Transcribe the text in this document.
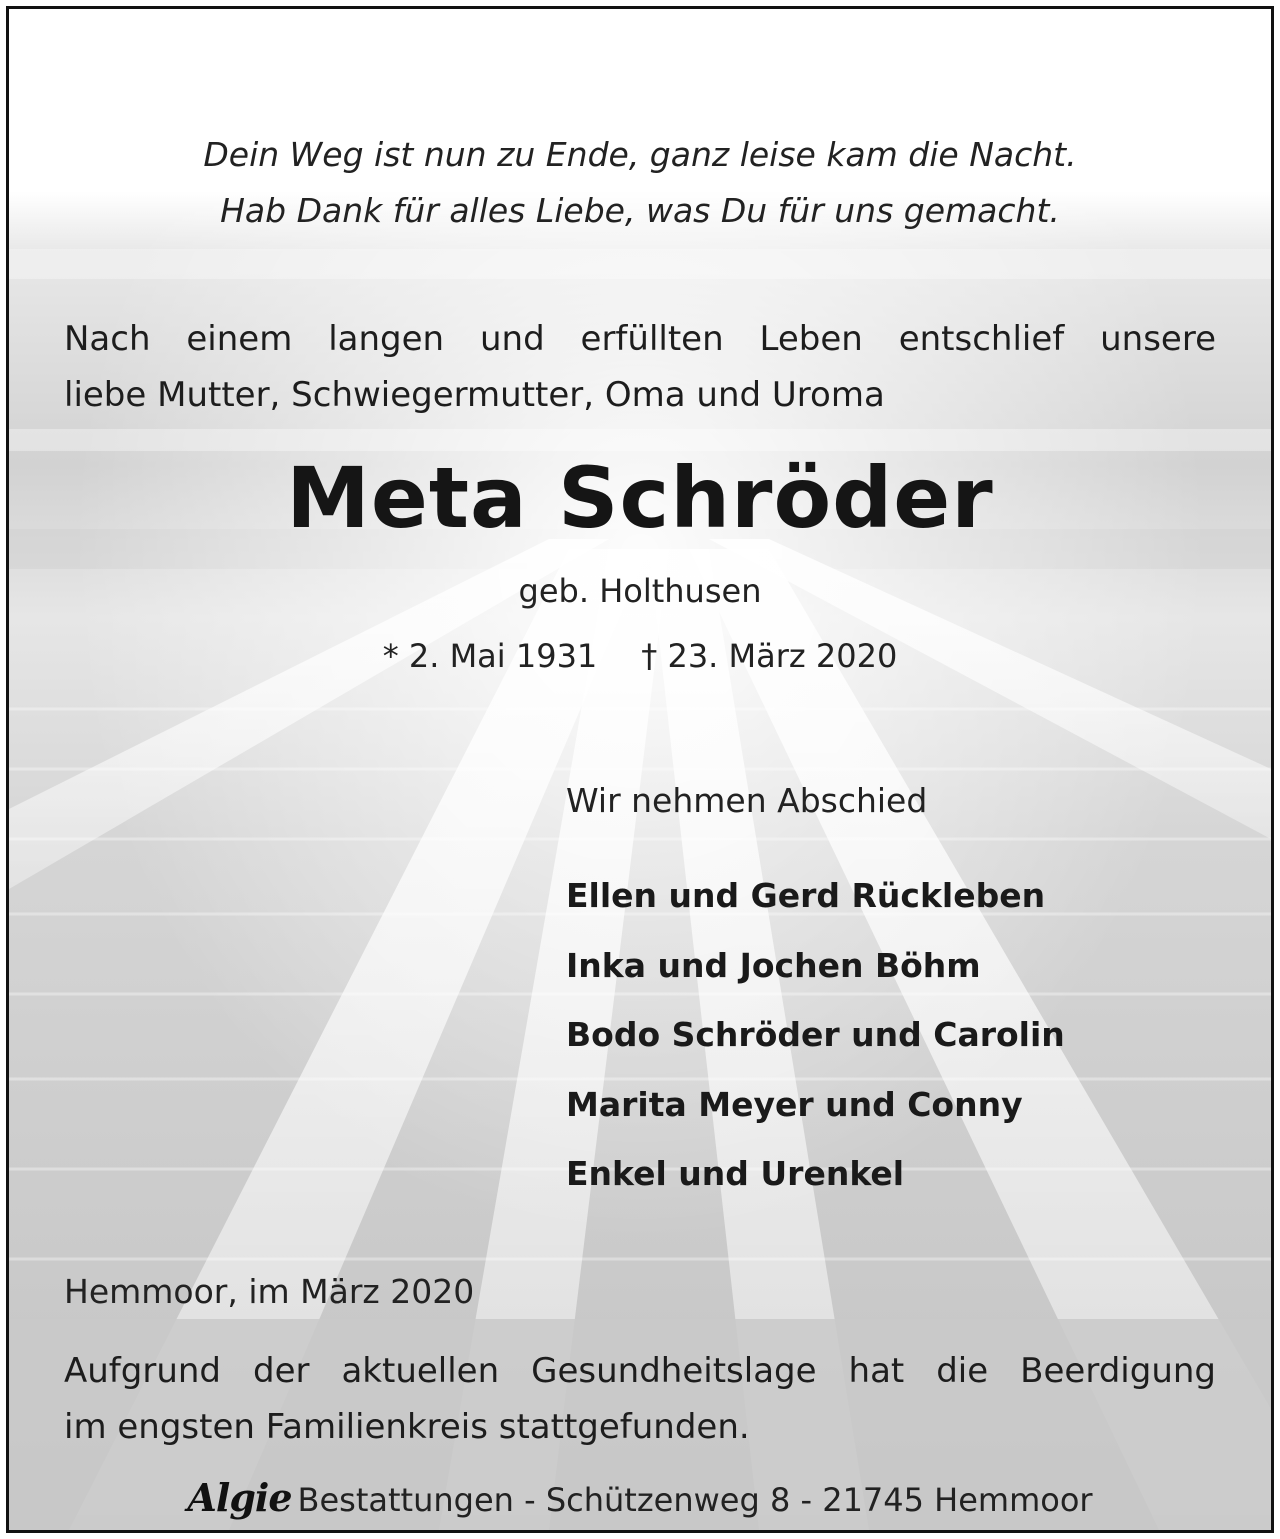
Dein Weg ist nun zu Ende, ganz leise kam die Nacht.
Hab Dank für alles Liebe, was Du für uns gemacht.
Nach einem langen und erfüllten Leben entschlief unsere
liebe Mutter, Schwiegermutter, Oma und Uroma
Meta Schröder
geb. Holthusen
* 2. Mai 1931 † 23. März 2020
Wir nehmen Abschied
Ellen und Gerd Rückleben
Inka und Jochen Böhm
Bodo Schröder und Carolin
Marita Meyer und Conny
Enkel und Urenkel
Hemmoor, im März 2020
Aufgrund der aktuellen Gesundheitslage hat die Beerdigung
im engsten Familienkreis stattgefunden.
Algie Bestattungen - Schützenweg 8 - 21745 Hemmoor
